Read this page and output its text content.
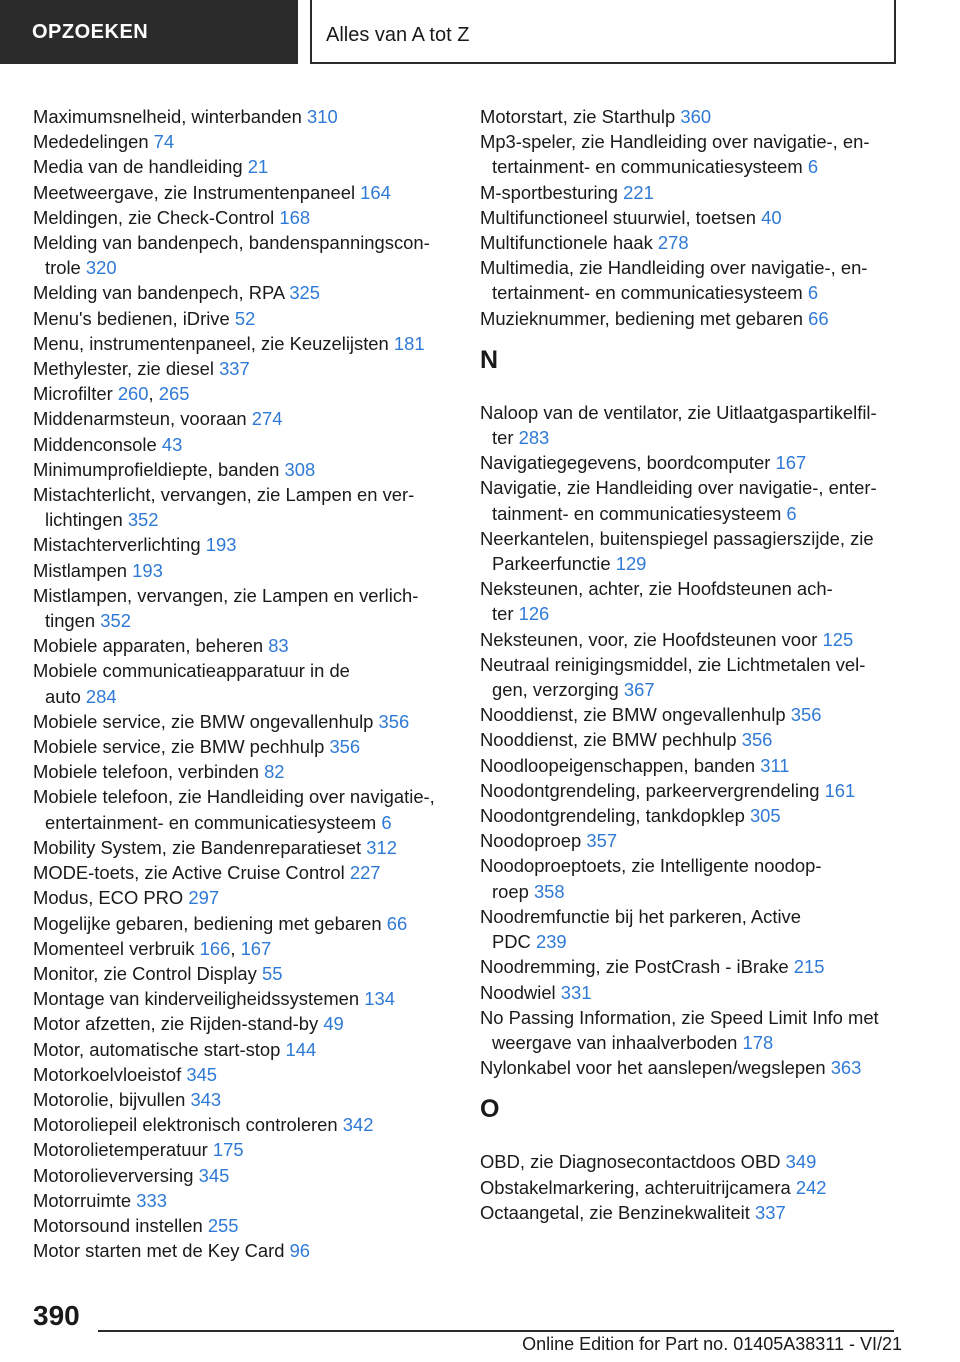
OPZOEKEN	Alles van A tot Z
Maximumsnelheid, winterbanden 310
Mededelingen 74
Media van de handleiding 21
Meetweergave, zie Instrumentenpaneel 164
Meldingen, zie Check-Control 168
Melding van bandenpech, bandenspanningscon-
trole 320
Melding van bandenpech, RPA 325
Menu's bedienen, iDrive 52
Menu, instrumentenpaneel, zie Keuzelijsten 181
Methylester, zie diesel 337
Microfilter 260, 265
Middenarmsteun, vooraan 274
Middenconsole 43
Minimumprofieldiepte, banden 308
Mistachterlicht, vervangen, zie Lampen en ver-
lichtingen 352
Mistachterverlichting 193
Mistlampen 193
Mistlampen, vervangen, zie Lampen en verlich-
tingen 352
Mobiele apparaten, beheren 83
Mobiele communicatieapparatuur in de
auto 284
Mobiele service, zie BMW ongevallenhulp 356
Mobiele service, zie BMW pechhulp 356
Mobiele telefoon, verbinden 82
Mobiele telefoon, zie Handleiding over navigatie-,
entertainment- en communicatiesysteem 6
Mobility System, zie Bandenreparatieset 312
MODE-toets, zie Active Cruise Control 227
Modus, ECO PRO 297
Mogelijke gebaren, bediening met gebaren 66
Momenteel verbruik 166, 167
Monitor, zie Control Display 55
Montage van kinderveiligheidssystemen 134
Motor afzetten, zie Rijden-stand-by 49
Motor, automatische start-stop 144
Motorkoelvloeistof 345
Motorolie, bijvullen 343
Motoroliepeil elektronisch controleren 342
Motorolietemperatuur 175
Motorolieverversing 345
Motorruimte 333
Motorsound instellen 255
Motor starten met de Key Card 96
Motorstart, zie Starthulp 360
Mp3-speler, zie Handleiding over navigatie-, en-
tertainment- en communicatiesysteem 6
M-sportbesturing 221
Multifunctioneel stuurwiel, toetsen 40
Multifunctionele haak 278
Multimedia, zie Handleiding over navigatie-, en-
tertainment- en communicatiesysteem 6
Muzieknummer, bediening met gebaren 66
N
Naloop van de ventilator, zie Uitlaatgaspartikelfil-
ter 283
Navigatiegegevens, boordcomputer 167
Navigatie, zie Handleiding over navigatie-, enter-
tainment- en communicatiesysteem 6
Neerkantelen, buitenspiegel passagierszijde, zie
Parkeerfunctie 129
Neksteunen, achter, zie Hoofdsteunen ach-
ter 126
Neksteunen, voor, zie Hoofdsteunen voor 125
Neutraal reinigingsmiddel, zie Lichtmetalen vel-
gen, verzorging 367
Nooddienst, zie BMW ongevallenhulp 356
Nooddienst, zie BMW pechhulp 356
Noodloopeigenschappen, banden 311
Noodontgrendeling, parkeervergrendeling 161
Noodontgrendeling, tankdopklep 305
Noodoproep 357
Noodoproeptoets, zie Intelligente noodop-
roep 358
Noodremfunctie bij het parkeren, Active
PDC 239
Noodremming, zie PostCrash - iBrake 215
Noodwiel 331
No Passing Information, zie Speed Limit Info met
weergave van inhaalverboden 178
Nylonkabel voor het aanslepen/wegslepen 363
O
OBD, zie Diagnosecontactdoos OBD 349
Obstakelmarkering, achteruitrijcamera 242
Octaangetal, zie Benzinekwaliteit 337
390
Online Edition for Part no. 01405A38311 - VI/21
